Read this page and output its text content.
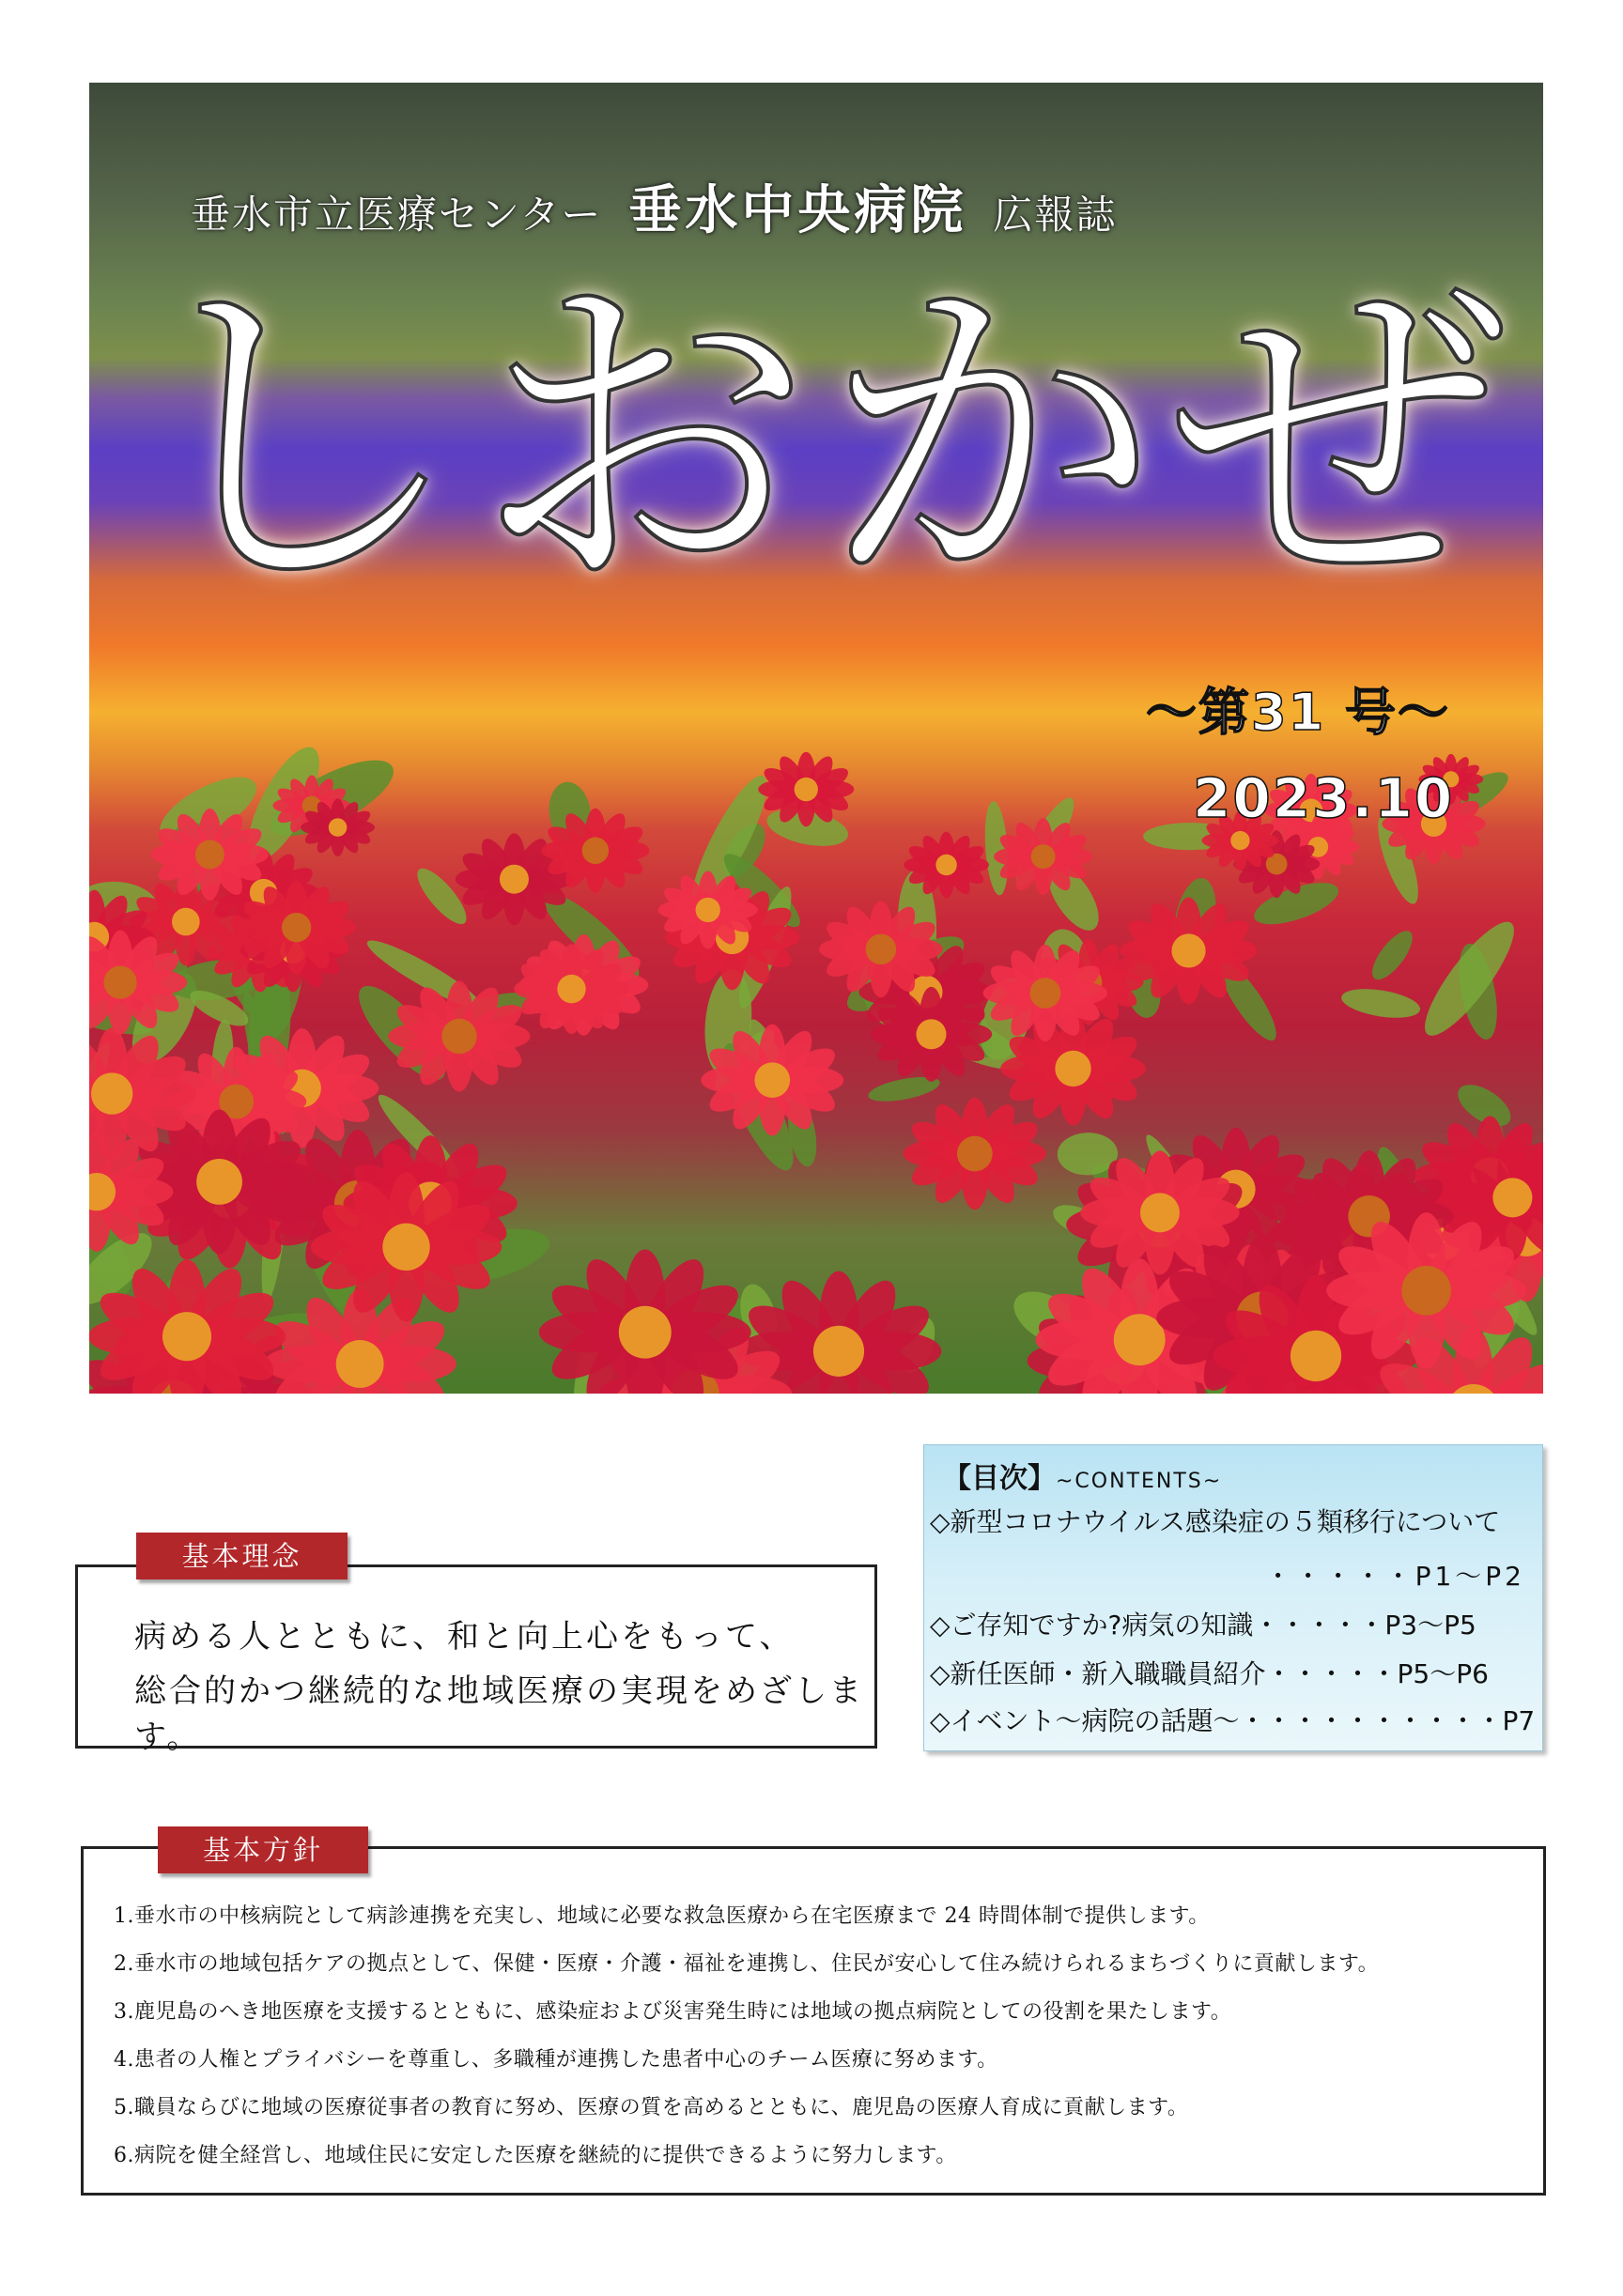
垂水市立医療センター 垂水中央病院 広報誌

しおかぜ

～第31 号～

2023.10

病める人とともに、和と向上心をもって、

総合的かつ継続的な地域医療の実現をめざします。

基本理念

【目次】~CONTENTS~

◇新型コロナウイルス感染症の５類移行について

・・・・・P1～P2

◇ご存知ですか?病気の知識・・・・・P3～P5

◇新任医師・新入職職員紹介・・・・・P5～P6

◇イベント～病院の話題～・・・・・・・・・・P7

1.垂水市の中核病院として病診連携を充実し、地域に必要な救急医療から在宅医療まで 24 時間体制で提供します。

2.垂水市の地域包括ケアの拠点として、保健・医療・介護・福祉を連携し、住民が安心して住み続けられるまちづくりに貢献します。

3.鹿児島のへき地医療を支援するとともに、感染症および災害発生時には地域の拠点病院としての役割を果たします。

4.患者の人権とプライバシーを尊重し、多職種が連携した患者中心のチーム医療に努めます。

5.職員ならびに地域の医療従事者の教育に努め、医療の質を高めるとともに、鹿児島の医療人育成に貢献します。

6.病院を健全経営し、地域住民に安定した医療を継続的に提供できるように努力します。

基本方針
